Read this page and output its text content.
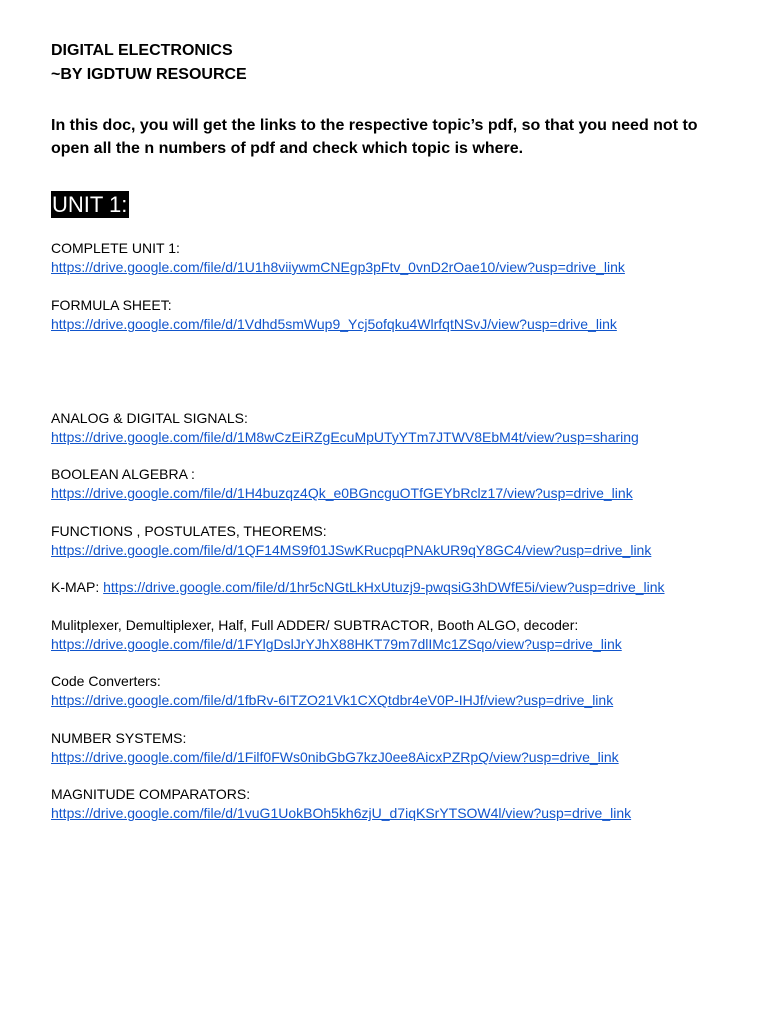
DIGITAL ELECTRONICS
~BY IGDTUW RESOURCE
In this doc, you will get the links to the respective topic’s pdf, so that you need not to open all the n numbers of pdf and check which topic is where.
UNIT 1:
COMPLETE UNIT 1:
https://drive.google.com/file/d/1U1h8viiywmCNEgp3pFtv_0vnD2rOae10/view?usp=drive_link
FORMULA SHEET:
https://drive.google.com/file/d/1Vdhd5smWup9_Ycj5ofqku4WlrfqtNSvJ/view?usp=drive_link
ANALOG & DIGITAL SIGNALS:
https://drive.google.com/file/d/1M8wCzEiRZgEcuMpUTyYTm7JTWV8EbM4t/view?usp=sharing
BOOLEAN ALGEBRA :
https://drive.google.com/file/d/1H4buzqz4Qk_e0BGncguOTfGEYbRclz17/view?usp=drive_link
FUNCTIONS , POSTULATES, THEOREMS:
https://drive.google.com/file/d/1QF14MS9f01JSwKRucpqPNAkUR9qY8GC4/view?usp=drive_link
K-MAP: https://drive.google.com/file/d/1hr5cNGtLkHxUtuzj9-pwqsiG3hDWfE5i/view?usp=drive_link
Mulitplexer, Demultiplexer, Half, Full ADDER/ SUBTRACTOR, Booth ALGO, decoder:
https://drive.google.com/file/d/1FYlgDslJrYJhX88HKT79m7dlIMc1ZSqo/view?usp=drive_link
Code Converters:
https://drive.google.com/file/d/1fbRv-6ITZO21Vk1CXQtdbr4eV0P-IHJf/view?usp=drive_link
NUMBER SYSTEMS:
https://drive.google.com/file/d/1Filf0FWs0nibGbG7kzJ0ee8AicxPZRpQ/view?usp=drive_link
MAGNITUDE COMPARATORS:
https://drive.google.com/file/d/1vuG1UokBOh5kh6zjU_d7iqKSrYTSOW4l/view?usp=drive_link
